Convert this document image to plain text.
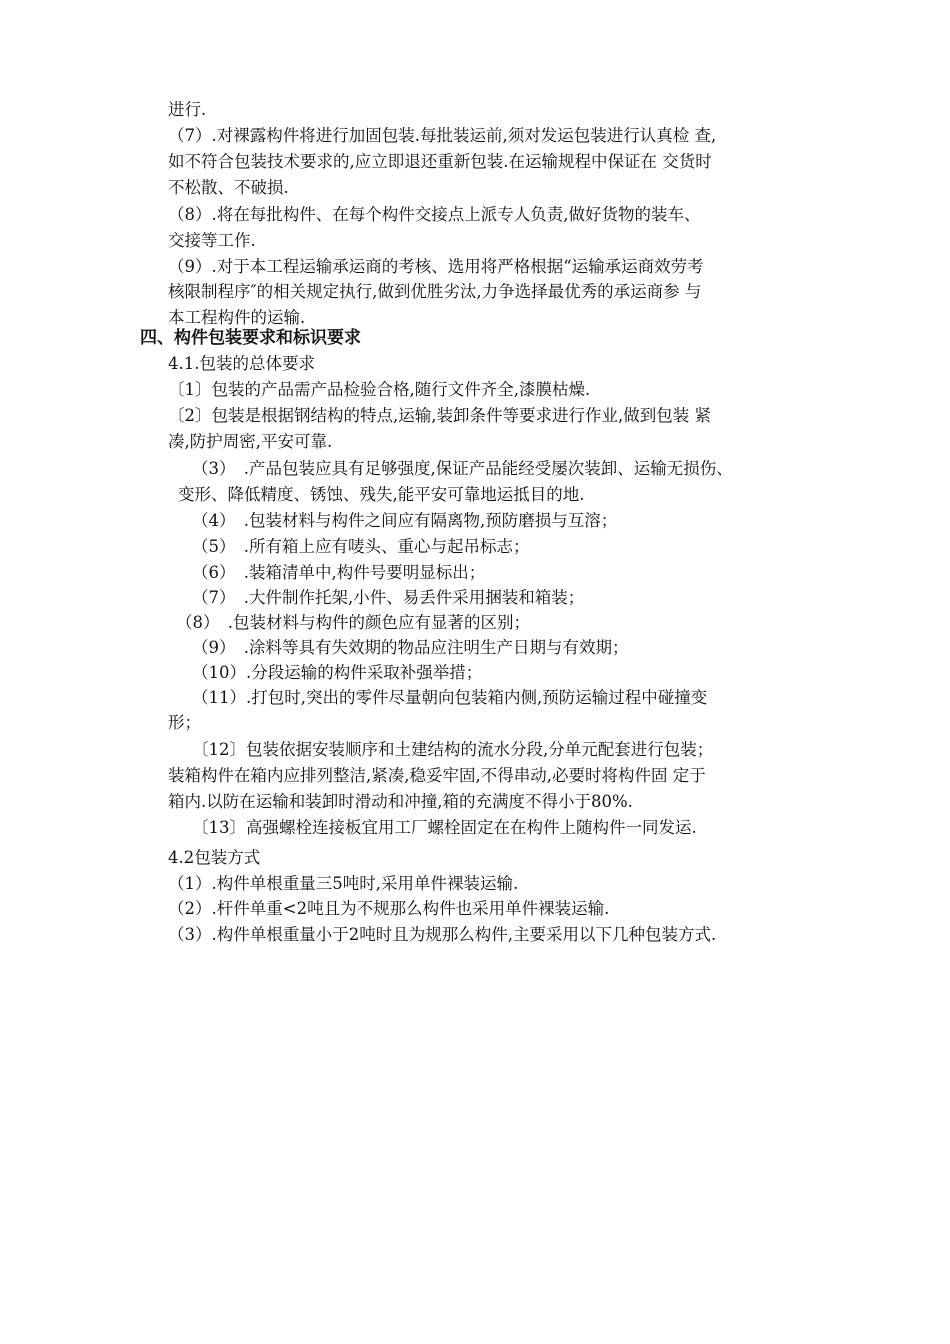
进行.
（7）.对裸露构件将进行加固包装.每批装运前,须对发运包装进行认真检 查,
如不符合包装技术要求的,应立即退还重新包装.在运输规程中保证在 交货时
不松散、不破损.
（8）.将在每批构件、在每个构件交接点上派专人负责,做好货物的装车、
交接等工作.
（9）.对于本工程运输承运商的考核、选用将严格根据“运输承运商效劳考
核限制程序″的相关规定执行,做到优胜劣汰,力争选择最优秀的承运商参 与
本工程构件的运输.
四、构件包装要求和标识要求
4.1.包装的总体要求
〔1〕包装的产品需产品检验合格,随行文件齐全,漆膜枯燥.
〔2〕包装是根据钢结构的特点,运输,装卸条件等要求进行作业,做到包装 紧
凑,防护周密,平安可靠.
（3）　.产品包装应具有足够强度,保证产品能经受屡次装卸、运输无损伤、
变形、降低精度、锈蚀、残失,能平安可靠地运抵目的地.
（4）　.包装材料与构件之间应有隔离物,预防磨损与互溶；
（5）　.所有箱上应有唛头、重心与起吊标志；
（6）　.装箱清单中,构件号要明显标出；
（7）　.大件制作托架,小件、易丢件采用捆装和箱装；
（8）　.包装材料与构件的颜色应有显著的区别；
（9）　.涂料等具有失效期的物品应注明生产日期与有效期；
（10）.分段运输的构件采取补强举措；
（11）.打包时,突出的零件尽量朝向包装箱内侧,预防运输过程中碰撞变
形；
〔12〕包装依据安装顺序和土建结构的流水分段,分单元配套进行包装；
装箱构件在箱内应排列整洁,紧凑,稳妥牢固,不得串动,必要时将构件固 定于
箱内.以防在运输和装卸时滑动和冲撞,箱的充满度不得小于80%.
〔13〕高强螺栓连接板宜用工厂螺栓固定在在构件上随构件一同发运.
4.2包装方式
（1）.构件单根重量三5吨时,采用单件裸装运输.
（2）.杆件单重<2吨且为不规那么构件也采用单件裸装运输.
（3）.构件单根重量小于2吨时且为规那么构件,主要采用以下几种包装方式.
